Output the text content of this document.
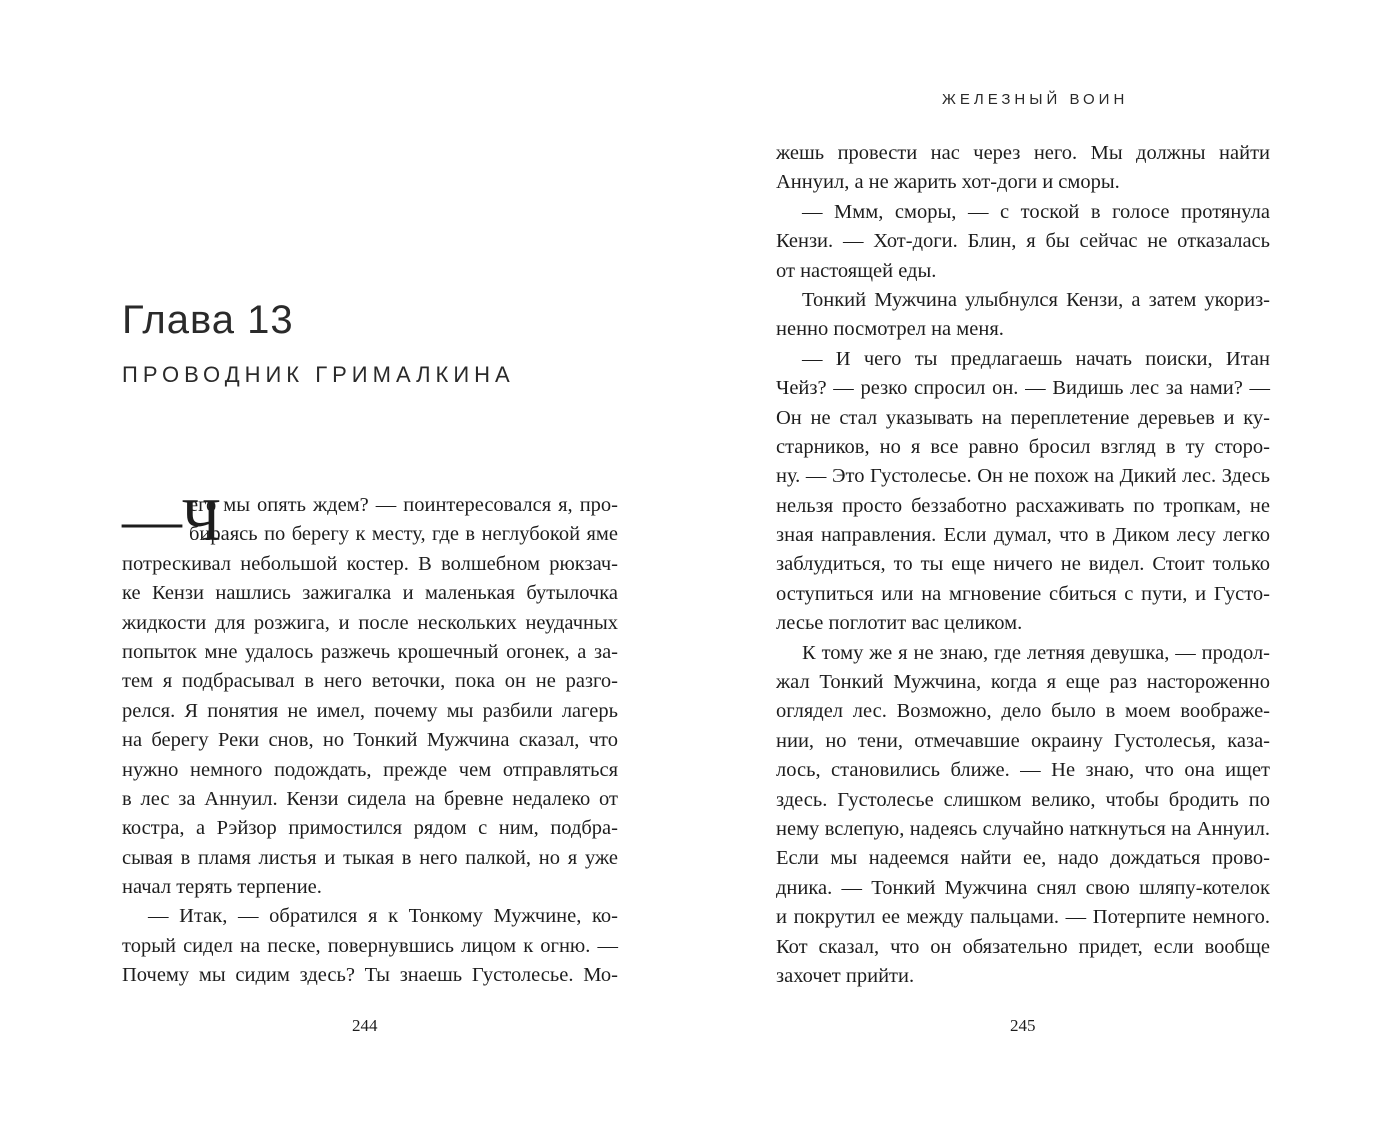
Глава 13
ПРОВОДНИК ГРИМАЛКИНА
—Ч
его мы опять ждем? — поинтересовался я, про-
бираясь по берегу к месту, где в неглубокой яме
потрескивал небольшой костер. В волшебном рюкзач-
ке Кензи нашлись зажигалка и маленькая бутылочка
жидкости для розжига, и после нескольких неудачных
попыток мне удалось разжечь крошечный огонек, а за-
тем я подбрасывал в него веточки, пока он не разго-
релся. Я понятия не имел, почему мы разбили лагерь
на берегу Реки снов, но Тонкий Мужчина сказал, что
нужно немного подождать, прежде чем отправляться
в лес за Аннуил. Кензи сидела на бревне недалеко от
костра, а Рэйзор примостился рядом с ним, подбра-
сывая в пламя листья и тыкая в него палкой, но я уже
начал терять терпение.
— Итак, — обратился я к Тонкому Мужчине, ко-
торый сидел на песке, повернувшись лицом к огню. —
Почему мы сидим здесь? Ты знаешь Густолесье. Мо-
244
ЖЕЛЕЗНЫЙ ВОИН
жешь провести нас через него. Мы должны найти
Аннуил, а не жарить хот-доги и сморы.
— Ммм, сморы, — с тоской в голосе протянула
Кензи. — Хот-доги. Блин, я бы сейчас не отказалась
от настоящей еды.
Тонкий Мужчина улыбнулся Кензи, а затем укориз-
ненно посмотрел на меня.
— И чего ты предлагаешь начать поиски, Итан
Чейз? — резко спросил он. — Видишь лес за нами? —
Он не стал указывать на переплетение деревьев и ку-
старников, но я все равно бросил взгляд в ту сторо-
ну. — Это Густолесье. Он не похож на Дикий лес. Здесь
нельзя просто беззаботно расхаживать по тропкам, не
зная направления. Если думал, что в Диком лесу легко
заблудиться, то ты еще ничего не видел. Стоит только
оступиться или на мгновение сбиться с пути, и Густо-
лесье поглотит вас целиком.
К тому же я не знаю, где летняя девушка, — продол-
жал Тонкий Мужчина, когда я еще раз настороженно
оглядел лес. Возможно, дело было в моем воображе-
нии, но тени, отмечавшие окраину Густолесья, каза-
лось, становились ближе. — Не знаю, что она ищет
здесь. Густолесье слишком велико, чтобы бродить по
нему вслепую, надеясь случайно наткнуться на Аннуил.
Если мы надеемся найти ее, надо дождаться прово-
дника. — Тонкий Мужчина снял свою шляпу-котелок
и покрутил ее между пальцами. — Потерпите немного.
Кот сказал, что он обязательно придет, если вообще
захочет прийти.
245
